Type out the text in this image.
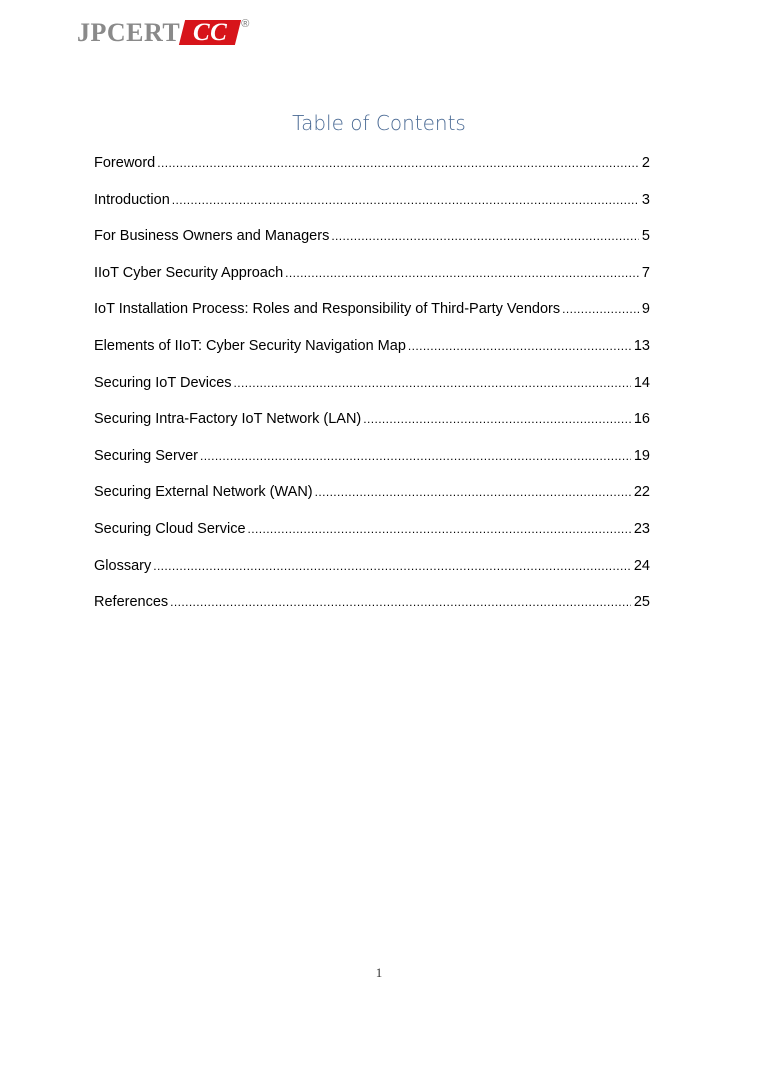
JPCERT CC ®
Table of Contents
Foreword .....	2
Introduction .....	3
For Business Owners and Managers .....	5
IIoT Cyber Security Approach .....	7
IoT Installation Process: Roles and Responsibility of Third-Party Vendors .....	9
Elements of IIoT: Cyber Security Navigation Map .....	13
Securing IoT Devices .....	14
Securing Intra-Factory IoT Network (LAN) .....	16
Securing Server .....	19
Securing External Network (WAN) .....	22
Securing Cloud Service .....	23
Glossary .....	24
References .....	25
1
